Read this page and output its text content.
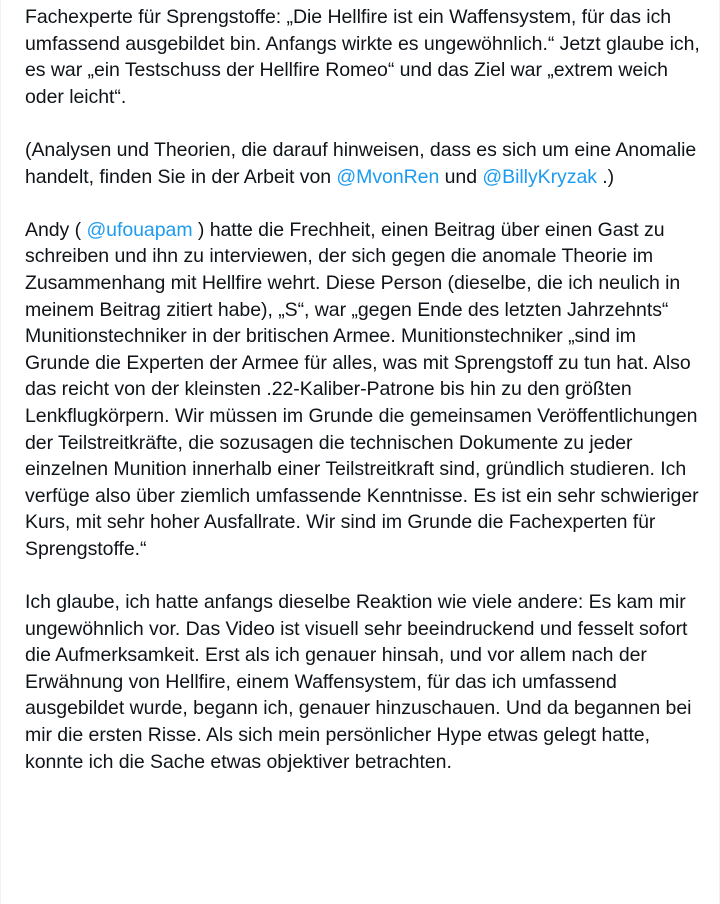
Fachexperte für Sprengstoffe: „Die Hellfire ist ein Waffensystem, für das ich umfassend ausgebildet bin. Anfangs wirkte es ungewöhnlich.“ Jetzt glaube ich, es war „ein Testschuss der Hellfire Romeo“ und das Ziel war „extrem weich oder leicht“.

(Analysen und Theorien, die darauf hinweisen, dass es sich um eine Anomalie handelt, finden Sie in der Arbeit von @MvonRen und @BillyKryzak .)

Andy ( @ufouapam ) hatte die Frechheit, einen Beitrag über einen Gast zu schreiben und ihn zu interviewen, der sich gegen die anomale Theorie im Zusammenhang mit Hellfire wehrt. Diese Person (dieselbe, die ich neulich in meinem Beitrag zitiert habe), „S“, war „gegen Ende des letzten Jahrzehnts“ Munitionstechniker in der britischen Armee. Munitionstechniker „sind im Grunde die Experten der Armee für alles, was mit Sprengstoff zu tun hat. Also das reicht von der kleinsten .22-Kaliber-Patrone bis hin zu den größten Lenkflugkörpern. Wir müssen im Grunde die gemeinsamen Veröffentlichungen der Teilstreitkräfte, die sozusagen die technischen Dokumente zu jeder einzelnen Munition innerhalb einer Teilstreitkraft sind, gründlich studieren. Ich verfüge also über ziemlich umfassende Kenntnisse. Es ist ein sehr schwieriger Kurs, mit sehr hoher Ausfallrate. Wir sind im Grunde die Fachexperten für Sprengstoffe.“

Ich glaube, ich hatte anfangs dieselbe Reaktion wie viele andere: Es kam mir ungewöhnlich vor. Das Video ist visuell sehr beeindruckend und fesselt sofort die Aufmerksamkeit. Erst als ich genauer hinsah, und vor allem nach der Erwähnung von Hellfire, einem Waffensystem, für das ich umfassend ausgebildet wurde, begann ich, genauer hinzuschauen. Und da begannen bei mir die ersten Risse. Als sich mein persönlicher Hype etwas gelegt hatte, konnte ich die Sache etwas objektiver betrachten.
